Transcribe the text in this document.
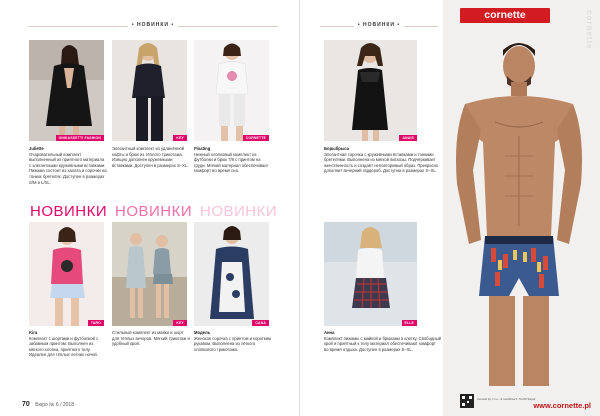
• НОВИНКИ •
UNIKASSETTI FASHION	KEY	CORNETTE
Juliette
Очаровательный комплект выполненный из приятного материала с элегантными кружевными вставками. Пижама состоит из халата и сорочки на тонких бретелях. Доступен в размерах S/M и L/XL.
Элегантный комплект из удлинённой кофты и брюк из тёплого трикотажа. Изящно дополнен кружевными вставками. Доступен в размерах S–XL.
Floating
Нежный хлопковый комплект из футболки и брюк 7/8 с принтом на груди. Мягкий материал обеспечивает комфорт во время сна.
НОВИНКИ НОВИНКИ НОВИНКИ
TARO	KEY	CANA
Kira
Комплект с шортами и футболкой с забавным принтом. Выполнен из мягкого хлопка, приятного телу. Идеален для тёплых летних ночей.
Стильный комплект из майки и шорт для тёплых вечеров. Мягкий трикотаж и удобный крой.
Модель
Женская сорочка с принтом и коротким рукавом. Выполнена из лёгкого хлопкового трикотажа.
70 Бюро № 6 / 2018
• НОВИНКИ •
ANAIS
Борыбрыса
Элегантная сорочка с кружевными вставками и тонкими бретелями. Выполнена из мягкой вискозы. Подчёркивает женственность и создаёт неповторимый образ. Прекрасно дополнит вечерний гардероб. Доступна в размерах S–XL.
ELLE
Анна
Комплект пижамы с майкой и брюками в клетку. Свободный крой и приятный к телу материал обеспечивают комфорт во время отдыха. Доступен в размерах S–XL.
cornette	cornette
Cornette Sp. z o.o., ul. Handlowa 5, 76-200 Słupsk
www.cornette.pl
